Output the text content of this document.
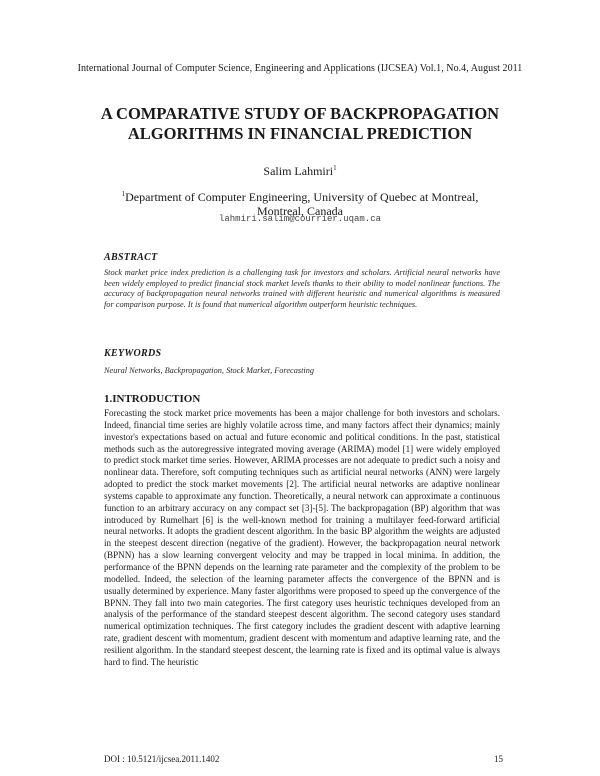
International Journal of Computer Science, Engineering and Applications (IJCSEA) Vol.1, No.4, August 2011
A COMPARATIVE STUDY OF BACKPROPAGATION
ALGORITHMS IN FINANCIAL PREDICTION
Salim Lahmiri$^1$
$^1$Department of Computer Engineering, University of Quebec at Montreal, Montreal, Canada
lahmiri.salim@courrier.uqam.ca
ABSTRACT
Stock market price index prediction is a challenging task for investors and scholars. Artificial neural networks have been widely employed to predict financial stock market levels thanks to their ability to model nonlinear functions. The accuracy of backpropagation neural networks trained with different heuristic and numerical algorithms is measured for comparison purpose. It is found that numerical algorithm outperform heuristic techniques.
KEYWORDS
Neural Networks, Backpropagation, Stock Market, Forecasting
1.INTRODUCTION
Forecasting the stock market price movements has been a major challenge for both investors and scholars. Indeed, financial time series are highly volatile across time, and many factors affect their dynamics; mainly investor's expectations based on actual and future economic and political conditions. In the past, statistical methods such as the autoregressive integrated moving average (ARIMA) model [1] were widely employed to predict stock market time series. However, ARIMA processes are not adequate to predict such a noisy and nonlinear data. Therefore, soft computing techniques such as artificial neural networks (ANN) were largely adopted to predict the stock market movements [2]. The artificial neural networks are adaptive nonlinear systems capable to approximate any function. Theoretically, a neural network can approximate a continuous function to an arbitrary accuracy on any compact set [3]-[5]. The backpropagation (BP) algorithm that was introduced by Rumelhart [6] is the well-known method for training a multilayer feed-forward artificial neural networks. It adopts the gradient descent algorithm. In the basic BP algorithm the weights are adjusted in the steepest descent direction (negative of the gradient). However, the backpropagation neural network (BPNN) has a slow learning convergent velocity and may be trapped in local minima. In addition, the performance of the BPNN depends on the learning rate parameter and the complexity of the problem to be modelled. Indeed, the selection of the learning parameter affects the convergence of the BPNN and is usually determined by experience. Many faster algorithms were proposed to speed up the convergence of the BPNN. They fall into two main categories. The first category uses heuristic techniques developed from an analysis of the performance of the standard steepest descent algorithm. The second category uses standard numerical optimization techniques. The first category includes the gradient descent with adaptive learning rate, gradient descent with momentum, gradient descent with momentum and adaptive learning rate, and the resilient algorithm. In the standard steepest descent, the learning rate is fixed and its optimal value is always hard to find. The heuristic
DOI : 10.5121/ijcsea.2011.1402	15
